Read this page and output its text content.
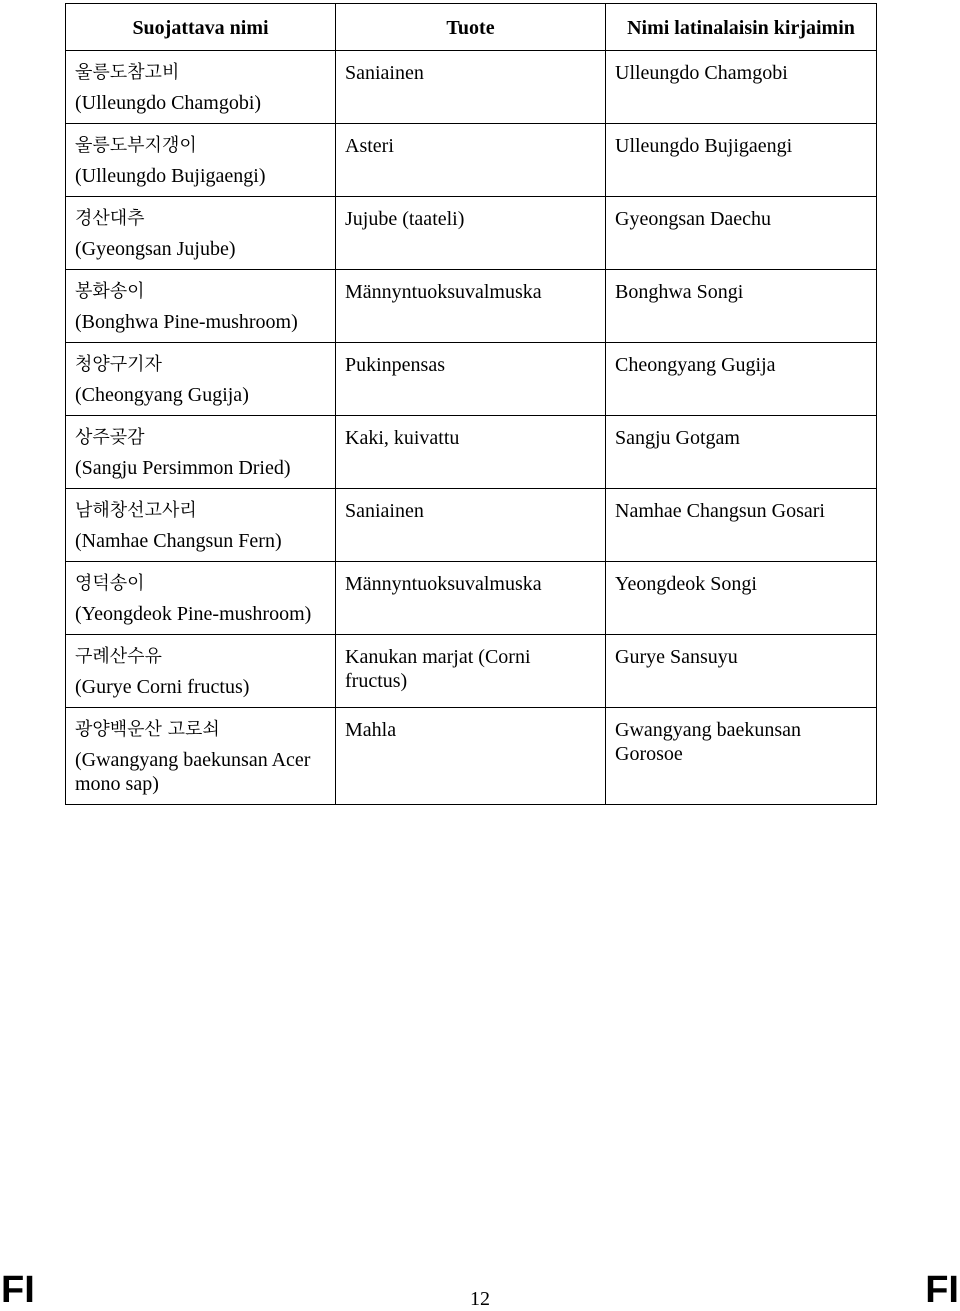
Suojattava nimi	Tuote	Nimi latinalaisin kirjaimin

울릉도참고비
(Ulleungdo Chamgobi)	Saniainen	Ulleungdo Chamgobi

울릉도부지갱이
(Ulleungdo Bujigaengi)	Asteri	Ulleungdo Bujigaengi

경산대추
(Gyeongsan Jujube)	Jujube (taateli)	Gyeongsan Daechu

봉화송이
(Bonghwa Pine-mushroom)	Männyntuoksuvalmuska	Bonghwa Songi

청양구기자
(Cheongyang Gugija)	Pukinpensas	Cheongyang Gugija

상주곶감
(Sangju Persimmon Dried)	Kaki, kuivattu	Sangju Gotgam

남해창선고사리
(Namhae Changsun Fern)	Saniainen	Namhae Changsun Gosari

영덕송이
(Yeongdeok Pine-mushroom)	Männyntuoksuvalmuska	Yeongdeok Songi

구례산수유
(Gurye Corni fructus)	Kanukan marjat (Corni fructus)	Gurye Sansuyu

광양백운산 고로쇠
(Gwangyang baekunsan Acer mono sap)	Mahla	Gwangyang baekunsan Gorosoe
FI	12	FI
